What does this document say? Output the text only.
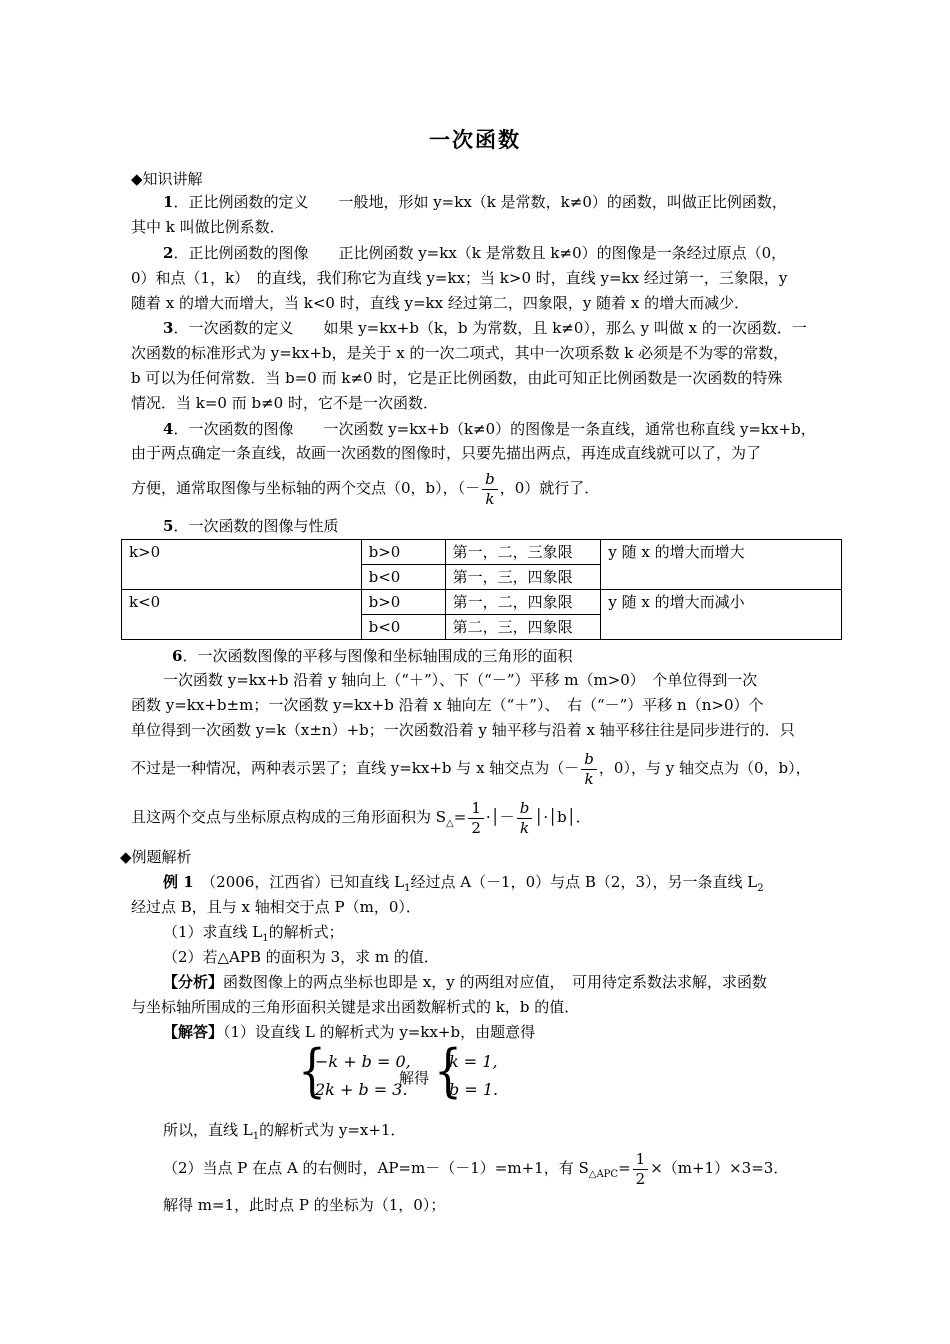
一次函数
◆知识讲解
1．正比例函数的定义　　一般地，形如 y=kx（k 是常数，k≠0）的函数，叫做正比例函数，
其中 k 叫做比例系数．
2．正比例函数的图像　　正比例函数 y=kx（k 是常数且 k≠0）的图像是一条经过原点（0，
0）和点（1，k）　的直线，我们称它为直线 y=kx；当 k>0 时，直线 y=kx 经过第一，三象限，y
随着 x 的增大而增大，当 k<0 时，直线 y=kx 经过第二，四象限，y 随着 x 的增大而减少．
3．一次函数的定义　　如果 y=kx+b（k，b 为常数，且 k≠0），那么 y 叫做 x 的一次函数．一
次函数的标准形式为 y=kx+b，是关于 x 的一次二项式，其中一次项系数 k 必须是不为零的常数，
b 可以为任何常数．当 b=0 而 k≠0 时，它是正比例函数，由此可知正比例函数是一次函数的特殊
情况．当 k=0 而 b≠0 时，它不是一次函数．
4．一次函数的图像　　一次函数 y=kx+b（k≠0）的图像是一条直线，通常也称直线 y=kx+b，
由于两点确定一条直线，故画一次函数的图像时，只要先描出两点，再连成直线就可以了，为了
方便，通常取图像与坐标轴的两个交点（0，b），（－ $\frac{b}{k}$ ，0）就行了．
5．一次函数的图像与性质
k>0	b>0	第一，二，三象限	y 随 x 的增大而增大
	b<0	第一，三，四象限	
k<0	b>0	第一，二，四象限	y 随 x 的增大而减小
	b<0	第二，三，四象限	
6．一次函数图像的平移与图像和坐标轴围成的三角形的面积
一次函数 y=kx+b 沿着 y 轴向上（“＋”）、下（“－”）平移 m（m>0）　个单位得到一次
函数 y=kx+b±m；一次函数 y=kx+b 沿着 x 轴向左（“＋”）、　右（“－”）平移 n（n>0）个
单位得到一次函数 y=k（x±n）+b；一次函数沿着 y 轴平移与沿着 x 轴平移往往是同步进行的．只
不过是一种情况，两种表示罢了；直线 y=kx+b 与 x 轴交点为（－ $\frac{b}{k}$ ，0），与 y 轴交点为（0，b），
且这两个交点与坐标原点构成的三角形面积为 $S_\triangle= \frac{1}{2}$ ·│－ $\frac{b}{k}$ │·│b│．
◆例题解析
例 1　（2006，江西省）已知直线 $L_1$经过点 A（－1，0）与点 B（2，3），另一条直线 $L_2$
经过点 B，且与 x 轴相交于点 P（m，0）．
（1）求直线 $L_1$的解析式；
（2）若△APB 的面积为 3，求 m 的值．
【分析】函数图像上的两点坐标也即是 x，y 的两组对应值，　可用待定系数法求解，求函数
与坐标轴所围成的三角形面积关键是求出函数解析式的 k，b 的值．
【解答】（1）设直线 L 的解析式为 y=kx+b，由题意得
{
−k + b = 0,
2k + b = 3.
解得 {
k = 1,
b = 1.
所以，直线 $L_1$的解析式为 y=x+1．
（2）当点 P 在点 A 的右侧时，AP=m－（－1）=m+1，有 $S_{\triangle APC}= \frac{1}{2} \times(m+1)\times 3=3$．
解得 m=1，此时点 P 的坐标为（1，0）；
